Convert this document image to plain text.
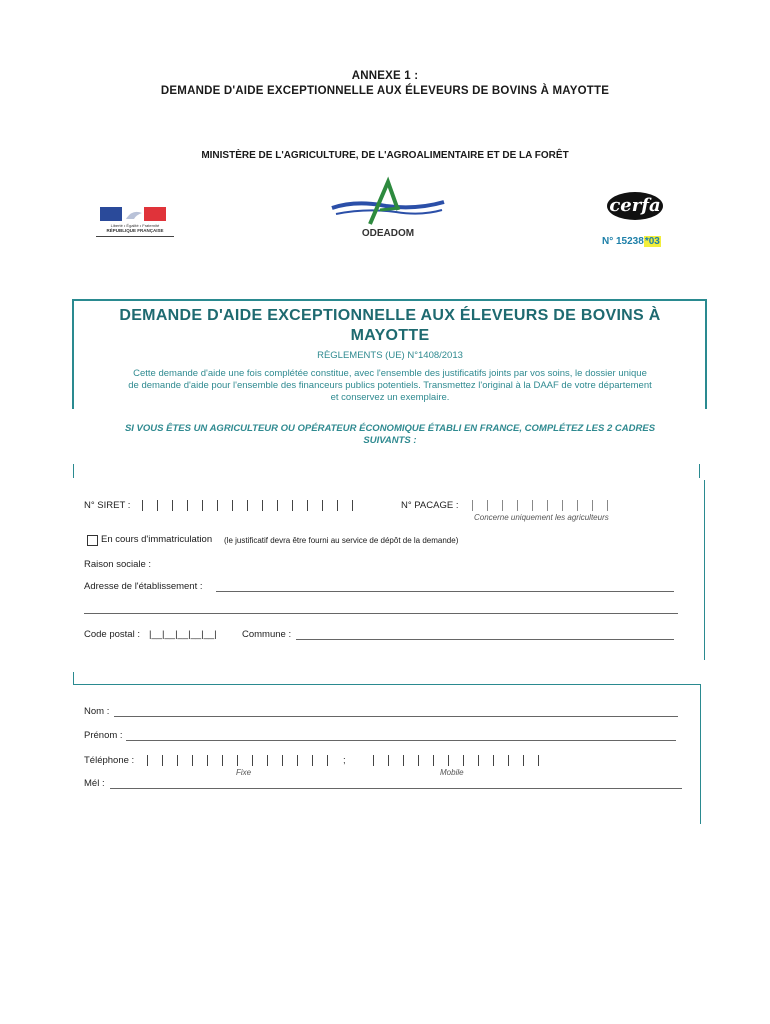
ANNEXE 1 :
DEMANDE D'AIDE EXCEPTIONNELLE AUX ÉLEVEURS DE BOVINS À MAYOTTE
MINISTÈRE DE L'AGRICULTURE, DE L'AGROALIMENTAIRE ET DE LA FORÊT
Liberté • Égalité • Fraternité
RÉPUBLIQUE FRANÇAISE	ODEADOM
cerfa
N° 15238*03
DEMANDE D'AIDE EXCEPTIONNELLE AUX ÉLEVEURS DE BOVINS À
MAYOTTE
RÈGLEMENTS (UE) N°1408/2013
Cette demande d'aide une fois complétée constitue, avec l'ensemble des justificatifs joints par vos soins, le dossier unique
de demande d'aide pour l'ensemble des financeurs publics potentiels. Transmettez l'original à la DAAF de votre département
et conservez un exemplaire.
SI VOUS ÊTES UN AGRICULTEUR OU OPÉRATEUR ÉCONOMIQUE ÉTABLI EN FRANCE, COMPLÉTEZ LES 2 CADRES
SUIVANTS :
N° SIRET :	N° PACAGE :
Concerne uniquement les agriculteurs
En cours d'immatriculation (le justificatif devra être fourni au service de dépôt de la demande)
Raison sociale :
Adresse de l'établissement :
Code postal : |__|__|__|__|__|	Commune :
Nom :
Prénom :
Téléphone :	;
Fixe	Mobile
Mél :
